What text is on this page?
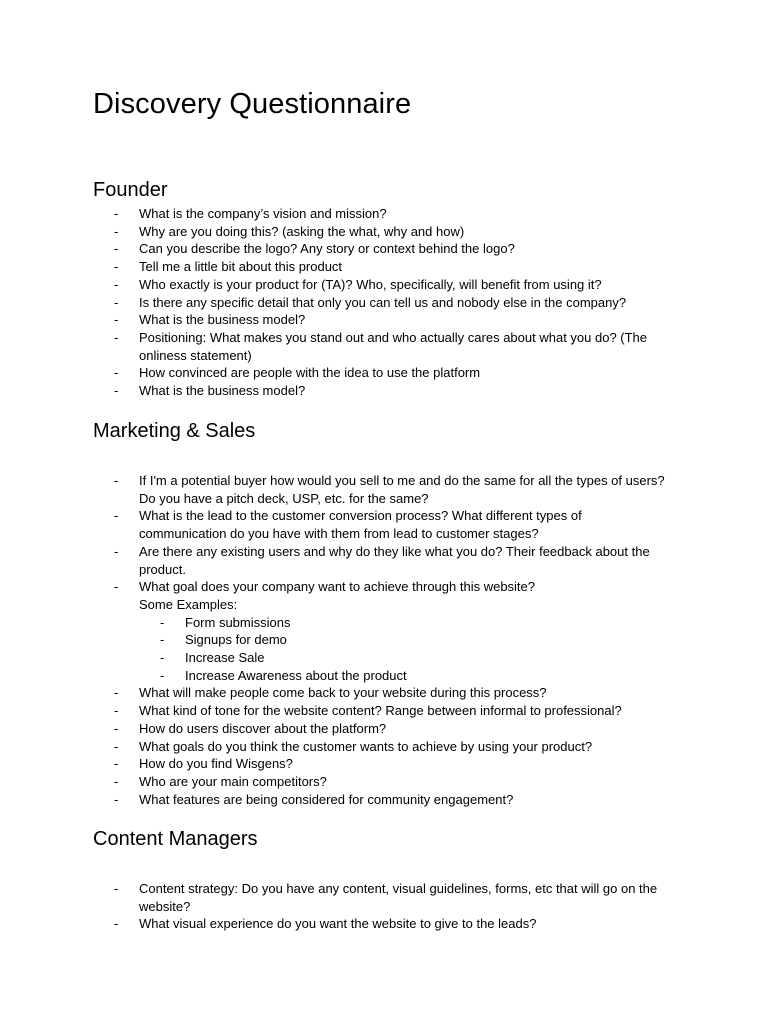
Discovery Questionnaire
Founder
- What is the company’s vision and mission?
- Why are you doing this? (asking the what, why and how)
- Can you describe the logo? Any story or context behind the logo?
- Tell me a little bit about this product
- Who exactly is your product for (TA)? Who, specifically, will benefit from using it?
- Is there any specific detail that only you can tell us and nobody else in the company?
- What is the business model?
- Positioning: What makes you stand out and who actually cares about what you do? (The onliness statement)
- How convinced are people with the idea to use the platform
- What is the business model?
Marketing & Sales
- If I'm a potential buyer how would you sell to me and do the same for all the types of users? Do you have a pitch deck, USP, etc. for the same?
- What is the lead to the customer conversion process? What different types of communication do you have with them from lead to customer stages?
- Are there any existing users and why do they like what you do? Their feedback about the product.
- What goal does your company want to achieve through this website?
Some Examples:
- Form submissions
- Signups for demo
- Increase Sale
- Increase Awareness about the product
- What will make people come back to your website during this process?
- What kind of tone for the website content? Range between informal to professional?
- How do users discover about the platform?
- What goals do you think the customer wants to achieve by using your product?
- How do you find Wisgens?
- Who are your main competitors?
- What features are being considered for community engagement?
Content Managers
- Content strategy: Do you have any content, visual guidelines, forms, etc that will go on the website?
- What visual experience do you want the website to give to the leads?
